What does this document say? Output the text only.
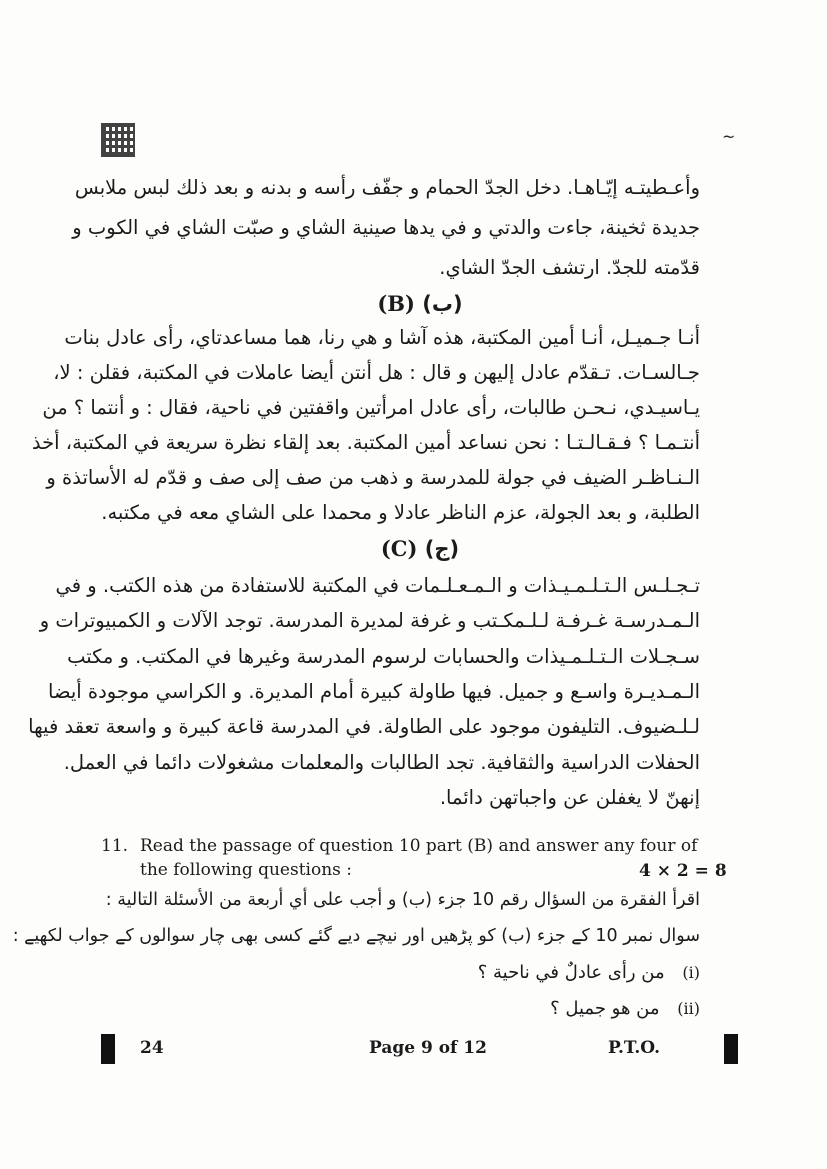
~
وأعـطيتـه إيّـاهـا. دخل الجدّ الحمام و جفّف رأسه و بدنه و بعد ذلك لبس ملابس
جديدة ثخينة، جاءت والدتي و في يدها صينية الشاي و صبّت الشاي في الكوب و
قدّمته للجدّ. ارتشف الجدّ الشاي.
(B) (ب)
أنـا جـميـل، أنـا أمين المكتبة، هذه آشا و هي رنا، هما مساعدتاي، رأى عادل بنات
جـالسـات. تـقدّم عادل إليهن و قال : هل أنتن أيضا عاملات في المكتبة، فقلن : لا،
يـاسيـدي، نـحـن طالبات، رأى عادل امرأتين واقفتين في ناحية، فقال : و أنتما ؟ من
أنتـمـا ؟ فـقـالـتـا : نحن نساعد أمين المكتبة. بعد إلقاء نظرة سريعة في المكتبة، أخذ
الـنـاظـر الضيف في جولة للمدرسة و ذهب من صف إلى صف و قدّم له الأساتذة و
الطلبة، و بعد الجولة، عزم الناظر عادلا و محمدا على الشاي معه في مكتبه.
(C) (ج)
تـجـلـس الـتـلـمـيـذات و الـمـعـلـمات في المكتبة للاستفادة من هذه الكتب. و في
الـمـدرسـة غـرفـة لـلـمكـتب و غرفة لمديرة المدرسة. توجد الآلات و الكمبيوترات و
سـجـلات الـتـلـمـيذات والحسابات لرسوم المدرسة وغيرها في المكتب. و مكتب
الـمـديـرة واسـع و جميل. فيها طاولة كبيرة أمام المديرة. و الكراسي موجودة أيضا
لـلـضيوف. التليفون موجود على الطاولة. في المدرسة قاعة كبيرة و واسعة تعقد فيها
الحفلات الدراسية والثقافية. تجد الطالبات والمعلمات مشغولات دائما في العمل.
إنهنّ لا يغفلن عن واجباتهن دائما.
11. Read the passage of question 10 part (B) and answer any four of
the following questions :	4 × 2 = 8
اقرأ الفقرة من السؤال رقم 10 جزء (ب) و أجب على أي أربعة من الأسئلة التالية :
سوال نمبر 10 کے جزء (ب) کو پڑھیں اور نیچے دیے گئے کسی بھی چار سوالوں کے جواب لکھیے :
(i) من رأى عادلٌ في ناحية ؟
(ii) من هو جميل ؟
24	Page 9 of 12	P.T.O.
